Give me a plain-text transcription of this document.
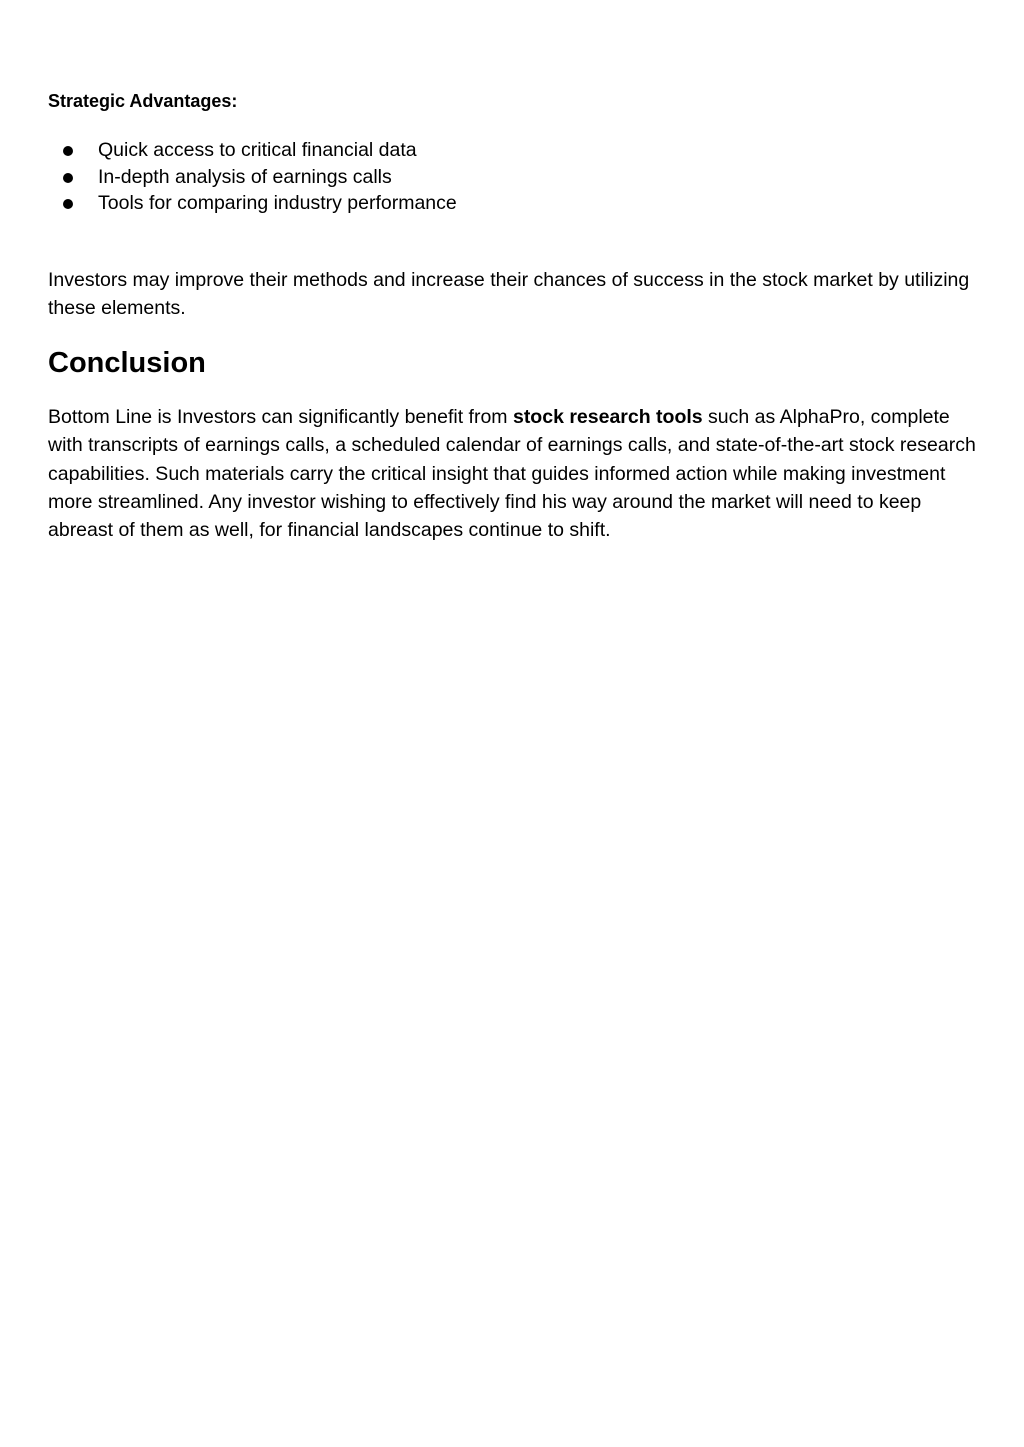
Strategic Advantages:

Quick access to critical financial data
In-depth analysis of earnings calls
Tools for comparing industry performance

Investors may improve their methods and increase their chances of success in the stock market by utilizing these elements.

Conclusion

Bottom Line is Investors can significantly benefit from stock research tools such as AlphaPro, complete with transcripts of earnings calls, a scheduled calendar of earnings calls, and state-of-the-art stock research capabilities. Such materials carry the critical insight that guides informed action while making investment more streamlined. Any investor wishing to effectively find his way around the market will need to keep abreast of them as well, for financial landscapes continue to shift.
